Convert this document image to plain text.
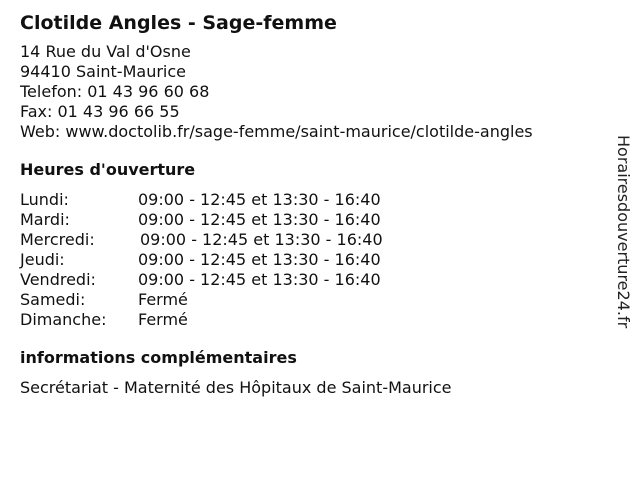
Clotilde Angles - Sage-femme
14 Rue du Val d'Osne
94410 Saint-Maurice
Telefon: 01 43 96 60 68
Fax: 01 43 96 66 55
Web: www.doctolib.fr/sage-femme/saint-maurice/clotilde-angles
Heures d'ouverture
Lundi:	09:00 - 12:45 et 13:30 - 16:40
Mardi:	09:00 - 12:45 et 13:30 - 16:40
Mercredi:	09:00 - 12:45 et 13:30 - 16:40
Jeudi:	09:00 - 12:45 et 13:30 - 16:40
Vendredi:	09:00 - 12:45 et 13:30 - 16:40
Samedi:	Fermé
Dimanche:	Fermé
informations complémentaires
Secrétariat - Maternité des Hôpitaux de Saint-Maurice
Horairesdouverture24.fr
